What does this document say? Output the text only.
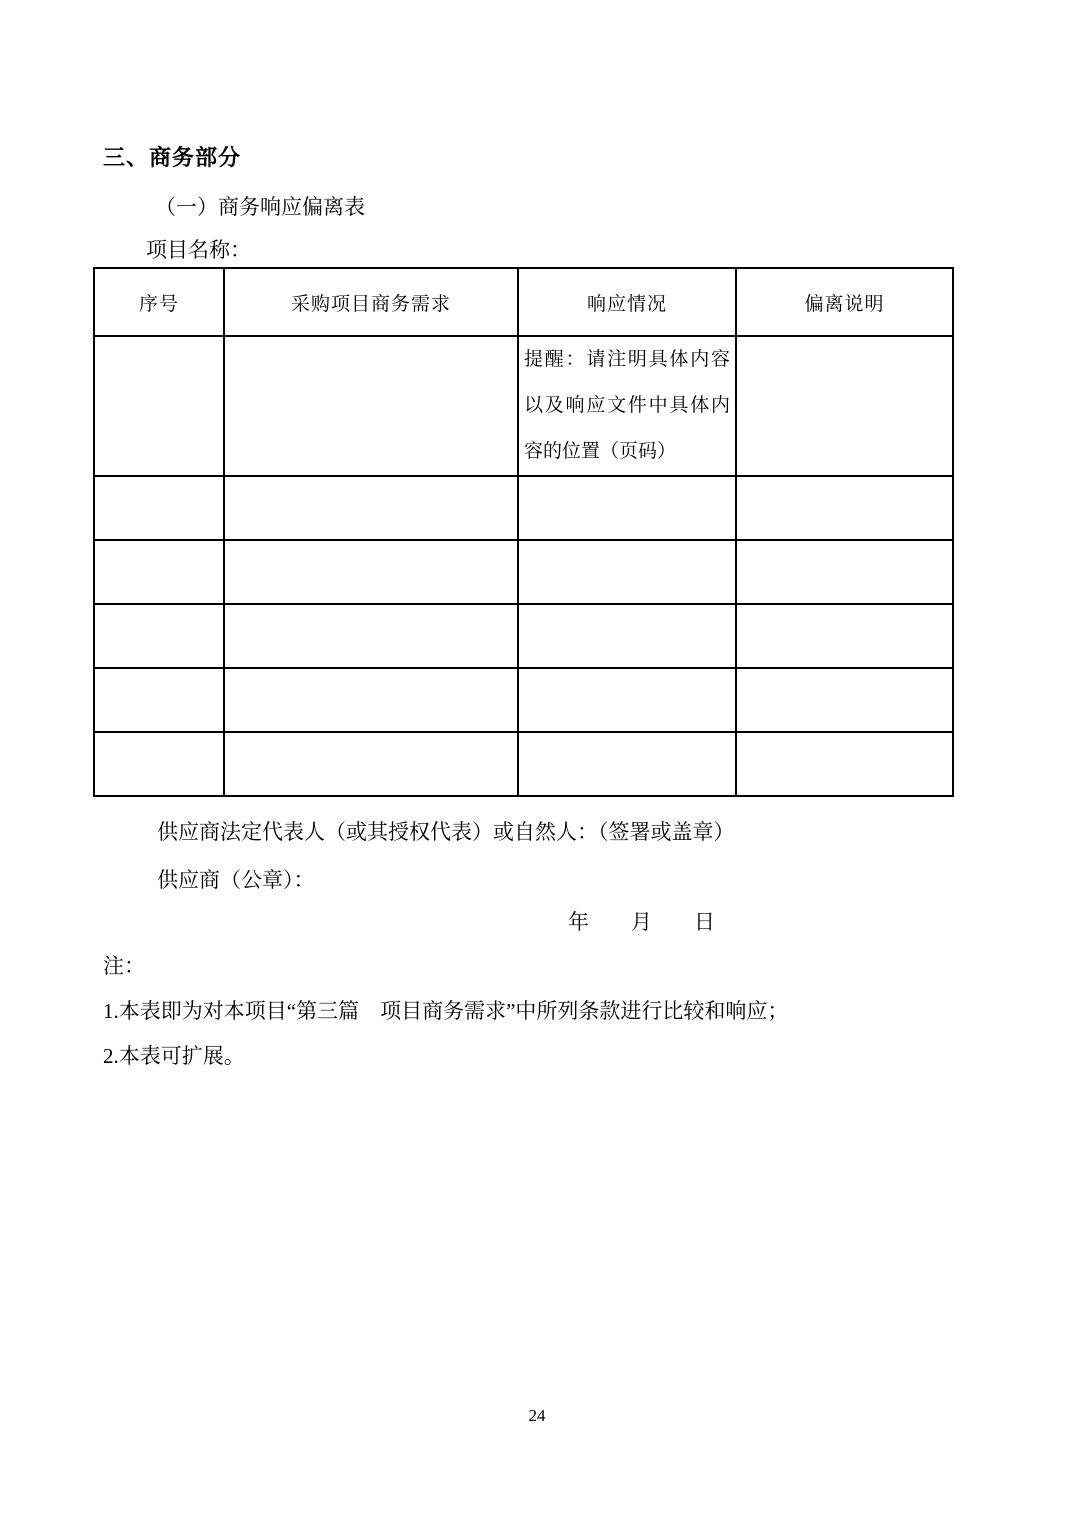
三、商务部分
（一）商务响应偏离表
项目名称：
序号	采购项目商务需求	响应情况	偏离说明
		提醒：请注明具体内容以及响应文件中具体内容的位置（页码）	

供应商法定代表人（或其授权代表）或自然人：（签署或盖章）
供应商（公章）：
年　　月　　日
注：
1.本表即为对本项目“第三篇　项目商务需求”中所列条款进行比较和响应；
2.本表可扩展。
24
